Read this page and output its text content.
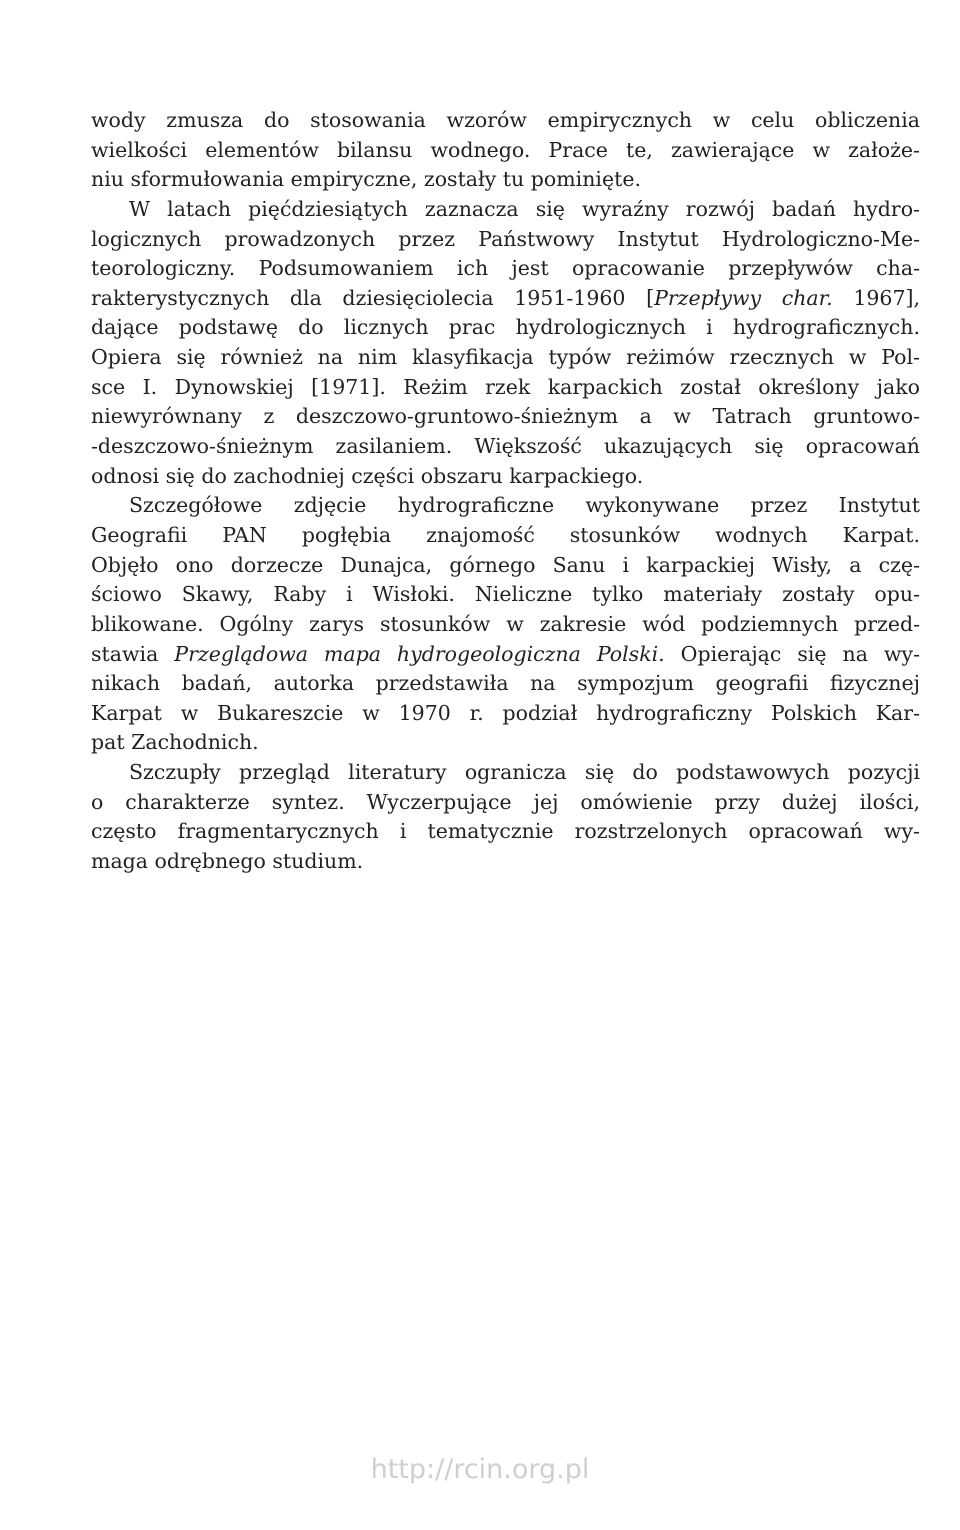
wody zmusza do stosowania wzorów empirycznych w celu obliczenia
wielkości elementów bilansu wodnego. Prace te, zawierające w założe-
niu sformułowania empiryczne, zostały tu pominięte.
W latach pięćdziesiątych zaznacza się wyraźny rozwój badań hydro-
logicznych prowadzonych przez Państwowy Instytut Hydrologiczno-Me-
teorologiczny. Podsumowaniem ich jest opracowanie przepływów cha-
rakterystycznych dla dziesięciolecia 1951-1960 [Przepływy char. 1967],
dające podstawę do licznych prac hydrologicznych i hydrograficznych.
Opiera się również na nim klasyfikacja typów reżimów rzecznych w Pol-
sce I. Dynowskiej [1971]. Reżim rzek karpackich został określony jako
niewyrównany z deszczowo-gruntowo-śnieżnym a w Tatrach gruntowo-
-deszczowo-śnieżnym zasilaniem. Większość ukazujących się opracowań
odnosi się do zachodniej części obszaru karpackiego.
Szczegółowe zdjęcie hydrograficzne wykonywane przez Instytut
Geografii PAN pogłębia znajomość stosunków wodnych Karpat.
Objęło ono dorzecze Dunajca, górnego Sanu i karpackiej Wisły, a czę-
ściowo Skawy, Raby i Wisłoki. Nieliczne tylko materiały zostały opu-
blikowane. Ogólny zarys stosunków w zakresie wód podziemnych przed-
stawia Przeglądowa mapa hydrogeologiczna Polski. Opierając się na wy-
nikach badań, autorka przedstawiła na sympozjum geografii fizycznej
Karpat w Bukareszcie w 1970 r. podział hydrograficzny Polskich Kar-
pat Zachodnich.
Szczupły przegląd literatury ogranicza się do podstawowych pozycji
o charakterze syntez. Wyczerpujące jej omówienie przy dużej ilości,
często fragmentarycznych i tematycznie rozstrzelonych opracowań wy-
maga odrębnego studium.
http://rcin.org.pl
